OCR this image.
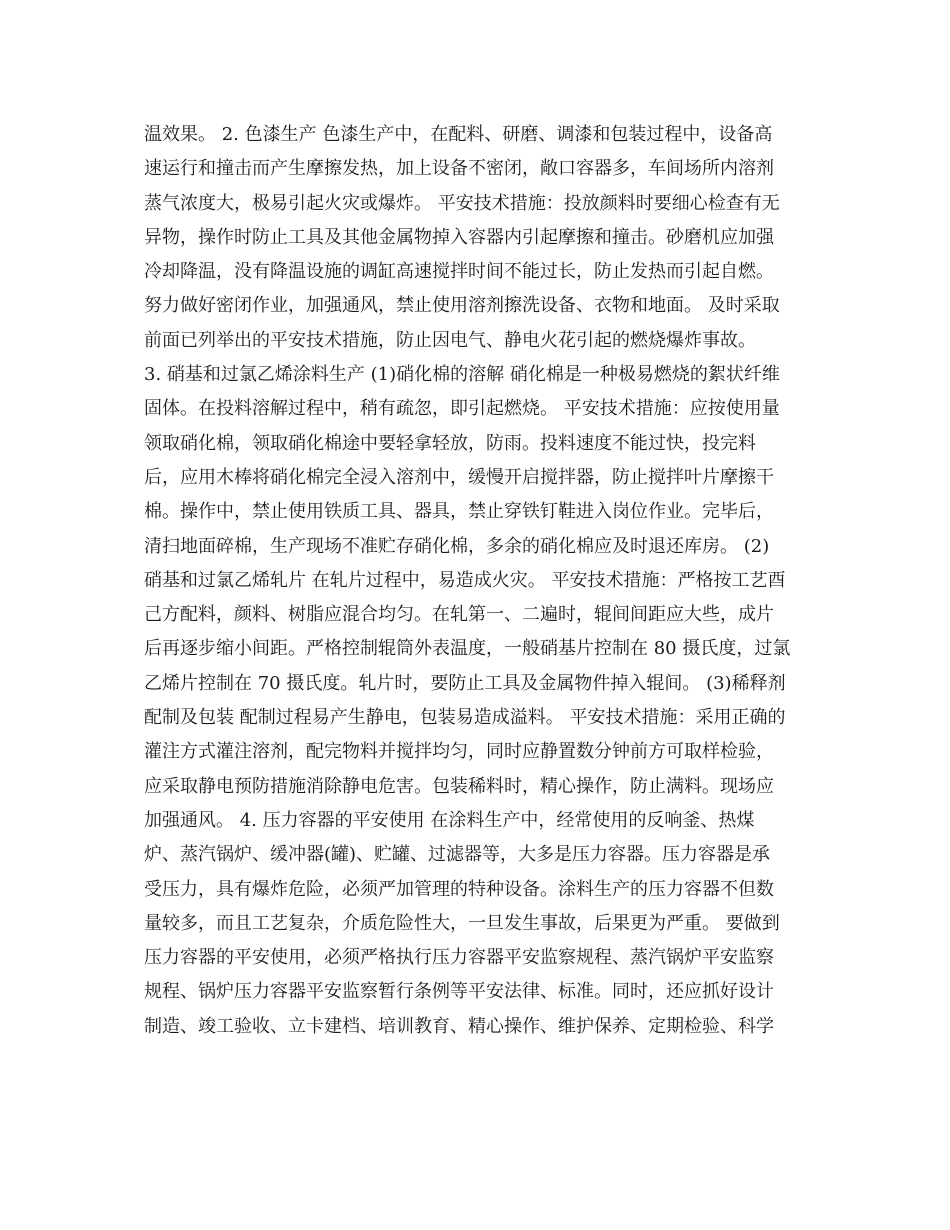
温效果。 2. 色漆生产 色漆生产中，在配料、研磨、调漆和包装过程中，设备高
速运行和撞击而产生摩擦发热，加上设备不密闭，敞口容器多，车间场所内溶剂
蒸气浓度大，极易引起火灾或爆炸。 平安技术措施：投放颜料时要细心检查有无
异物，操作时防止工具及其他金属物掉入容器内引起摩擦和撞击。砂磨机应加强
冷却降温，没有降温设施的调缸高速搅拌时间不能过长，防止发热而引起自燃。
努力做好密闭作业，加强通风，禁止使用溶剂擦洗设备、衣物和地面。 及时采取
前面已列举出的平安技术措施，防止因电气、静电火花引起的燃烧爆炸事故。
3. 硝基和过氯乙烯涂料生产 (1)硝化棉的溶解 硝化棉是一种极易燃烧的絮状纤维
固体。在投料溶解过程中，稍有疏忽，即引起燃烧。 平安技术措施：应按使用量
领取硝化棉，领取硝化棉途中要轻拿轻放，防雨。投料速度不能过快，投完料
后，应用木棒将硝化棉完全浸入溶剂中，缓慢开启搅拌器，防止搅拌叶片摩擦干
棉。操作中，禁止使用铁质工具、器具，禁止穿铁钉鞋进入岗位作业。完毕后，
清扫地面碎棉，生产现场不准贮存硝化棉，多余的硝化棉应及时退还库房。 (2)
硝基和过氯乙烯轧片 在轧片过程中，易造成火灾。 平安技术措施：严格按工艺酉
己方配料，颜料、树脂应混合均匀。在轧第一、二遍时，辊间间距应大些，成片
后再逐步缩小间距。严格控制辊筒外表温度，一般硝基片控制在 80 摄氏度，过氯
乙烯片控制在 70 摄氏度。轧片时，要防止工具及金属物件掉入辊间。 (3)稀释剂
配制及包装 配制过程易产生静电，包装易造成溢料。 平安技术措施：采用正确的
灌注方式灌注溶剂，配完物料并搅拌均匀，同时应静置数分钟前方可取样检验，
应采取静电预防措施消除静电危害。包装稀料时，精心操作，防止满料。现场应
加强通风。 4. 压力容器的平安使用 在涂料生产中，经常使用的反响釜、热煤
炉、蒸汽锅炉、缓冲器(罐)、贮罐、过滤器等，大多是压力容器。压力容器是承
受压力，具有爆炸危险，必须严加管理的特种设备。涂料生产的压力容器不但数
量较多，而且工艺复杂，介质危险性大，一旦发生事故，后果更为严重。 要做到
压力容器的平安使用，必须严格执行压力容器平安监察规程、蒸汽锅炉平安监察
规程、锅炉压力容器平安监察暂行条例等平安法律、标准。同时，还应抓好设计
制造、竣工验收、立卡建档、培训教育、精心操作、维护保养、定期检验、科学
